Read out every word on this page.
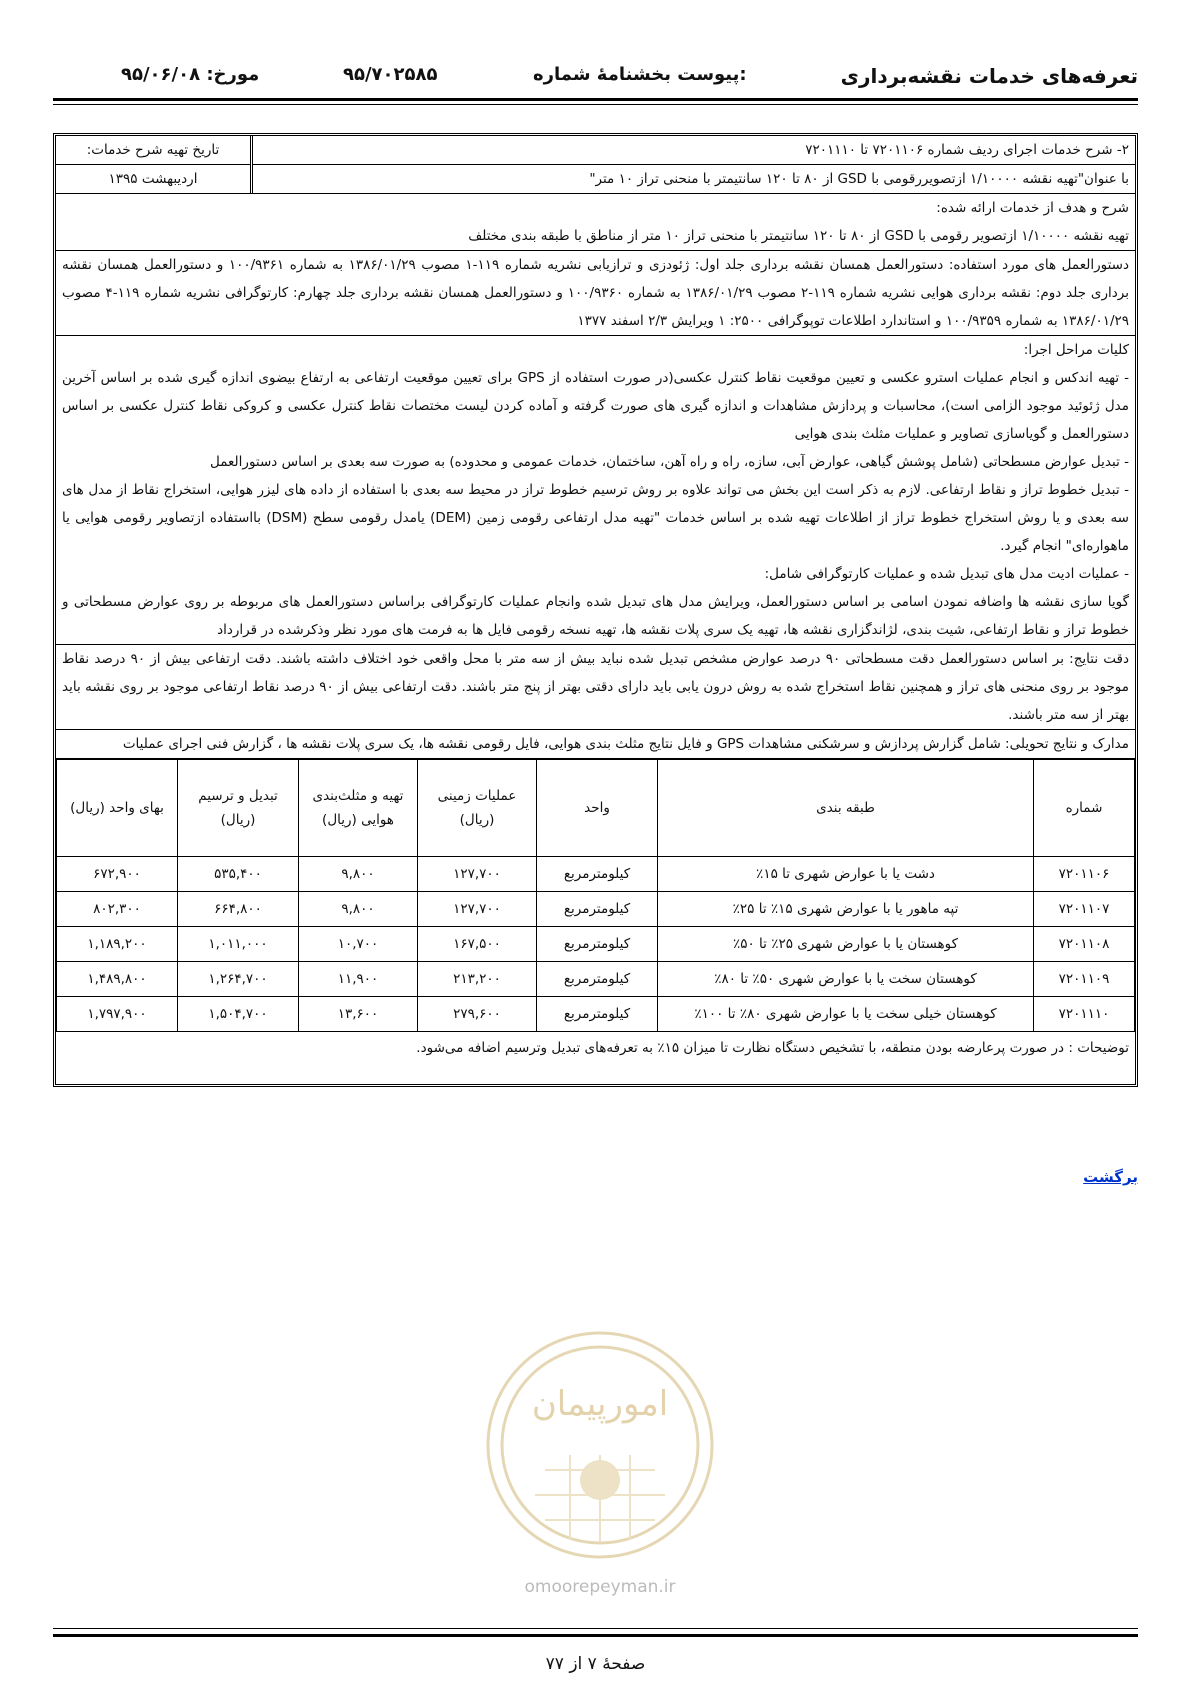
تعرفه‌های خدمات نقشه‌برداری
پیوست بخشنامهٔ شماره:
۹۵/۷۰۲۵۸۵
مورخ: ۹۵/۰۶/۰۸
۲- شرح خدمات اجرای ردیف شماره ۷۲۰۱۱۰۶ تا ۷۲۰۱۱۱۰
با عنوان"تهیه نقشه ۱/۱۰۰۰۰ ازتصویررقومی با GSD از ۸۰ تا ۱۲۰ سانتیمتر با منحنی تراز ۱۰ متر"
تاریخ تهیه شرح خدمات:
اردیبهشت ۱۳۹۵
شرح و هدف از خدمات ارائه شده:
تهیه نقشه ۱/۱۰۰۰۰ ازتصویر رقومی با GSD از ۸۰ تا ۱۲۰ سانتیمتر با منحنی تراز ۱۰ متر از مناطق با طبقه بندی مختلف
دستورالعمل های مورد استفاده: دستورالعمل همسان نقشه برداری جلد اول: ژئودزی و ترازیابی نشریه شماره ۱۱۹-۱ مصوب ۱۳۸۶/۰۱/۲۹ به شماره ۱۰۰/۹۳۶۱ و دستورالعمل همسان نقشه برداری جلد دوم: نقشه برداری هوایی نشریه شماره ۱۱۹-۲ مصوب ۱۳۸۶/۰۱/۲۹ به شماره ۱۰۰/۹۳۶۰ و دستورالعمل همسان نقشه برداری جلد چهارم: کارتوگرافی نشریه شماره ۱۱۹-۴ مصوب ۱۳۸۶/۰۱/۲۹ به شماره ۱۰۰/۹۳۵۹ و استاندارد اطلاعات توپوگرافی ۲۵۰۰: ۱ ویرایش ۲/۳ اسفند ۱۳۷۷
کلیات مراحل اجرا:
- تهیه اندکس و انجام عملیات استرو عکسی و تعیین موقعیت نقاط کنترل عکسی(در صورت استفاده از GPS برای تعیین موقعیت ارتفاعی به ارتفاع بیضوی اندازه گیری شده بر اساس آخرین مدل ژئوئید موجود الزامی است)، محاسبات و پردازش مشاهدات و اندازه گیری های صورت گرفته و آماده کردن لیست مختصات نقاط کنترل عکسی و کروکی نقاط کنترل عکسی بر اساس دستورالعمل و گویاسازی تصاویر و عملیات مثلث بندی هوایی
- تبدیل عوارض مسطحاتی (شامل پوشش گیاهی، عوارض آبی، سازه، راه و راه آهن، ساختمان، خدمات عمومی و محدوده) به صورت سه بعدی بر اساس دستورالعمل
- تبدیل خطوط تراز و نقاط ارتفاعی. لازم به ذکر است این بخش می تواند علاوه بر روش ترسیم خطوط تراز در محیط سه بعدی با استفاده از داده های لیزر هوایی، استخراج نقاط از مدل های سه بعدی و یا روش استخراج خطوط تراز از اطلاعات تهیه شده بر اساس خدمات "تهیه مدل ارتفاعی رقومی زمین (DEM) یامدل رقومی سطح (DSM) بااستفاده ازتصاویر رقومی هوایی یا ماهواره‌ای" انجام گیرد.
- عملیات ادیت مدل های تبدیل شده و عملیات کارتوگرافی شامل:
گویا سازی نقشه ها واضافه نمودن اسامی بر اساس دستورالعمل، ویرایش مدل های تبدیل شده وانجام عملیات کارتوگرافی براساس دستورالعمل های مربوطه بر روی عوارض مسطحاتی و خطوط تراز و نقاط ارتفاعی، شیت بندی، لژاندگزاری نقشه ها، تهیه یک سری پلات نقشه ها، تهیه نسخه رقومی فایل ها به فرمت های مورد نظر وذکرشده در قرارداد
دقت نتایج: بر اساس دستورالعمل دقت مسطحاتی ۹۰ درصد عوارض مشخص تبدیل شده نباید بیش از سه متر با محل واقعی خود اختلاف داشته باشند. دقت ارتفاعی بیش از ۹۰ درصد نقاط موجود بر روی منحنی های تراز و همچنین نقاط استخراج شده به روش درون یابی باید دارای دقتی بهتر از پنج متر باشند. دقت ارتفاعی بیش از ۹۰ درصد نقاط ارتفاعی موجود بر روی نقشه باید بهتر از سه متر باشند.
مدارک و نتایج تحویلی: شامل گزارش پردازش و سرشکنی مشاهدات GPS و فایل نتایج مثلث بندی هوایی، فایل رقومی نقشه ها، یک سری پلات نقشه ها ، گزارش فنی اجرای عملیات
شماره	طبقه بندی	واحد	عملیات زمینی (ریال)	تهیه و مثلث‌بندی هوایی (ریال)	تبدیل و ترسیم (ریال)	بهای واحد (ریال)
۷۲۰۱۱۰۶	دشت یا با عوارض شهری تا ۱۵٪	کیلومترمربع	۱۲۷,۷۰۰	۹,۸۰۰	۵۳۵,۴۰۰	۶۷۲,۹۰۰
۷۲۰۱۱۰۷	تپه ماهور یا با عوارض شهری ۱۵٪ تا ۲۵٪	کیلومترمربع	۱۲۷,۷۰۰	۹,۸۰۰	۶۶۴,۸۰۰	۸۰۲,۳۰۰
۷۲۰۱۱۰۸	کوهستان یا با عوارض شهری ۲۵٪ تا ۵۰٪	کیلومترمربع	۱۶۷,۵۰۰	۱۰,۷۰۰	۱,۰۱۱,۰۰۰	۱,۱۸۹,۲۰۰
۷۲۰۱۱۰۹	کوهستان سخت یا با عوارض شهری ۵۰٪ تا ۸۰٪	کیلومترمربع	۲۱۳,۲۰۰	۱۱,۹۰۰	۱,۲۶۴,۷۰۰	۱,۴۸۹,۸۰۰
۷۲۰۱۱۱۰	کوهستان خیلی سخت یا با عوارض شهری ۸۰٪ تا ۱۰۰٪	کیلومترمربع	۲۷۹,۶۰۰	۱۳,۶۰۰	۱,۵۰۴,۷۰۰	۱,۷۹۷,۹۰۰
توضیحات : در صورت پرعارضه بودن منطقه، با تشخیص دستگاه نظارت تا میزان ۱۵٪ به تعرفه‌های تبدیل وترسیم اضافه می‌شود.
برگشت
امورپیمان
omoorepeyman.ir
صفحهٔ ۷ از ۷۷
